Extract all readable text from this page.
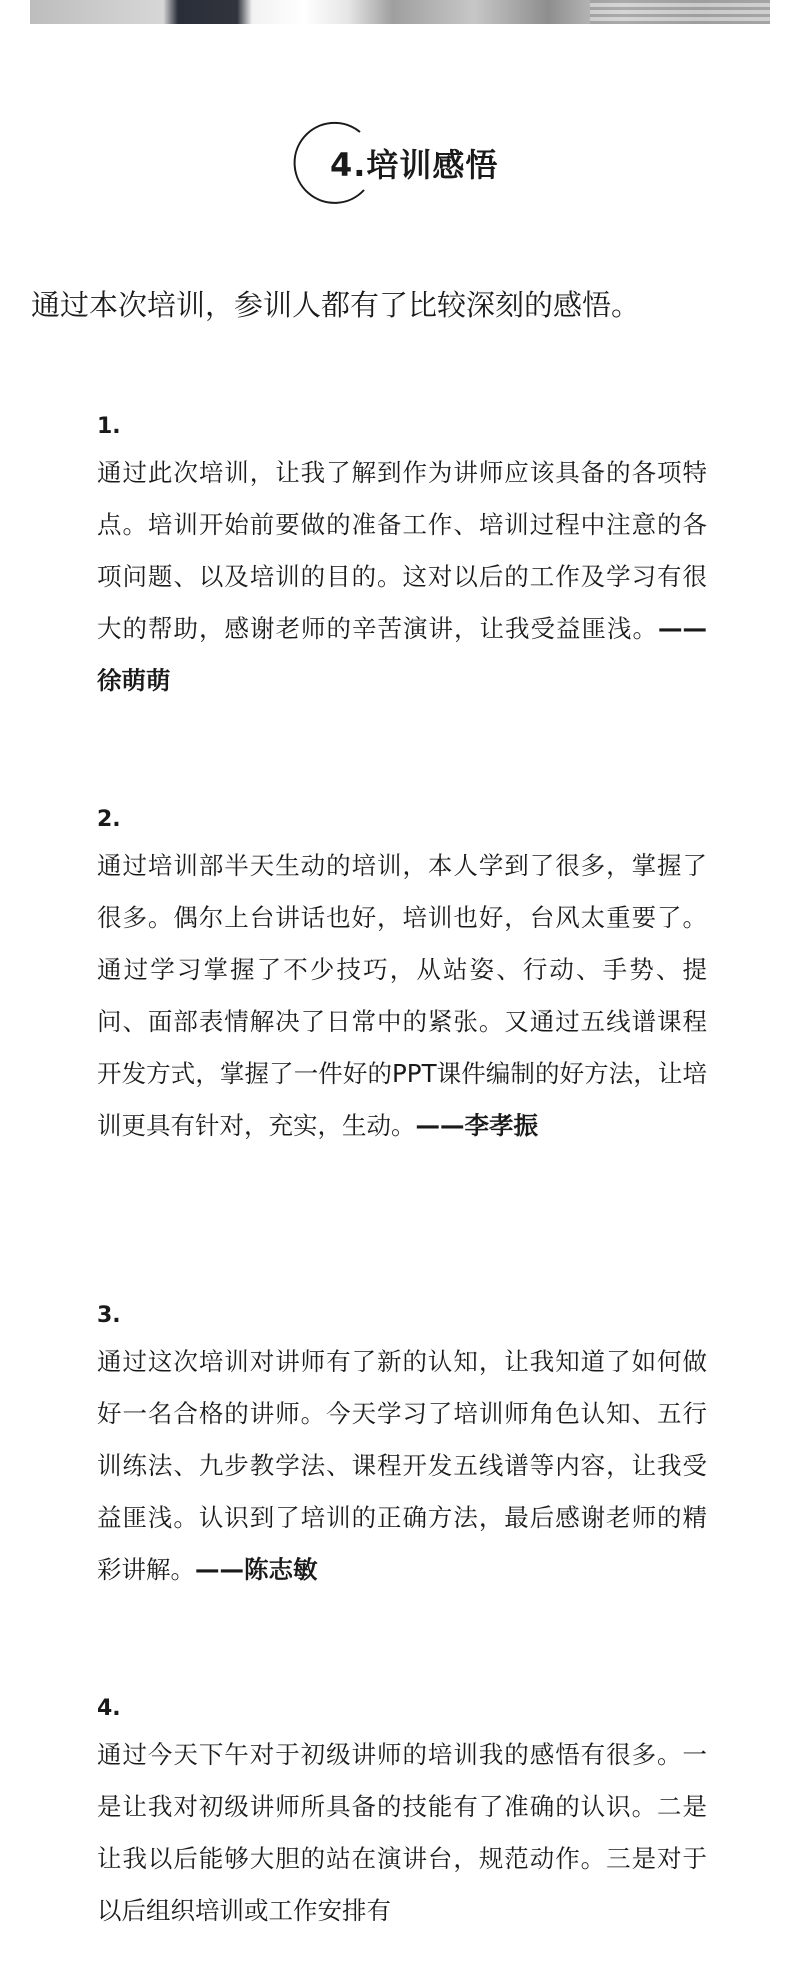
4.培训感悟

通过本次培训，参训人都有了比较深刻的感悟。

1.

通过此次培训，让我了解到作为讲师应该具备的各项特点。培训开始前要做的准备工作、培训过程中注意的各项问题、以及培训的目的。这对以后的工作及学习有很大的帮助，感谢老师的辛苦演讲，让我受益匪浅。——徐萌萌

2.

通过培训部半天生动的培训，本人学到了很多，掌握了很多。偶尔上台讲话也好，培训也好，台风太重要了。通过学习掌握了不少技巧，从站姿、行动、手势、提问、面部表情解决了日常中的紧张。又通过五线谱课程开发方式，掌握了一件好的PPT课件编制的好方法，让培训更具有针对，充实，生动。——李孝振

3.

通过这次培训对讲师有了新的认知，让我知道了如何做好一名合格的讲师。今天学习了培训师角色认知、五行训练法、九步教学法、课程开发五线谱等内容，让我受益匪浅。认识到了培训的正确方法，最后感谢老师的精彩讲解。——陈志敏

4.

通过今天下午对于初级讲师的培训我的感悟有很多。一是让我对初级讲师所具备的技能有了准确的认识。二是让我以后能够大胆的站在演讲台，规范动作。三是对于以后组织培训或工作安排有
